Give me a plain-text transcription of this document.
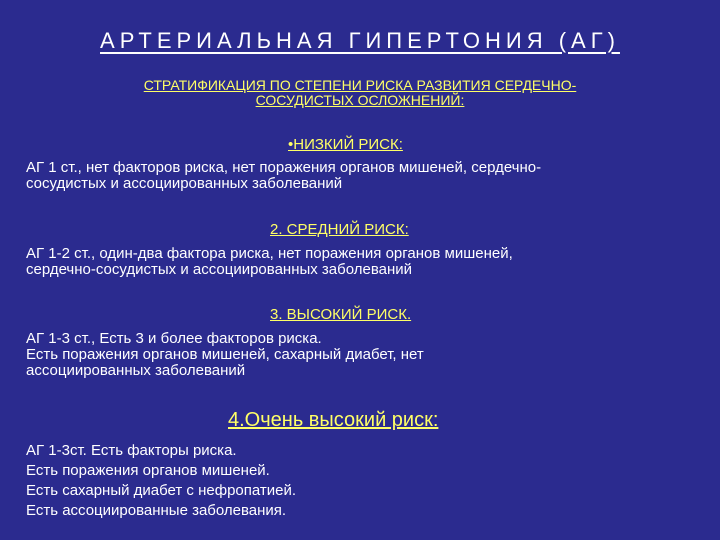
АРТЕРИАЛЬНАЯ ГИПЕРТОНИЯ (АГ)
СТРАТИФИКАЦИЯ ПО СТЕПЕНИ РИСКА РАЗВИТИЯ СЕРДЕЧНО-
СОСУДИСТЫХ ОСЛОЖНЕНИЙ:
•НИЗКИЙ РИСК:
АГ 1 ст., нет факторов риска, нет поражения органов мишеней, сердечно-
сосудистых и ассоциированных заболеваний
2. СРЕДНИЙ РИСК:
АГ 1-2 ст., один-два фактора риска, нет поражения органов мишеней,
сердечно-сосудистых и ассоциированных заболеваний
3. ВЫСОКИЙ РИСК.
АГ 1-3 ст., Есть 3 и более факторов риска.
Есть поражения органов мишеней, сахарный диабет, нет
ассоциированных заболеваний
4.Очень высокий риск:
АГ 1-3ст. Есть факторы риска.
Есть поражения органов мишеней.
Есть сахарный диабет с нефропатией.
Есть ассоциированные заболевания.
